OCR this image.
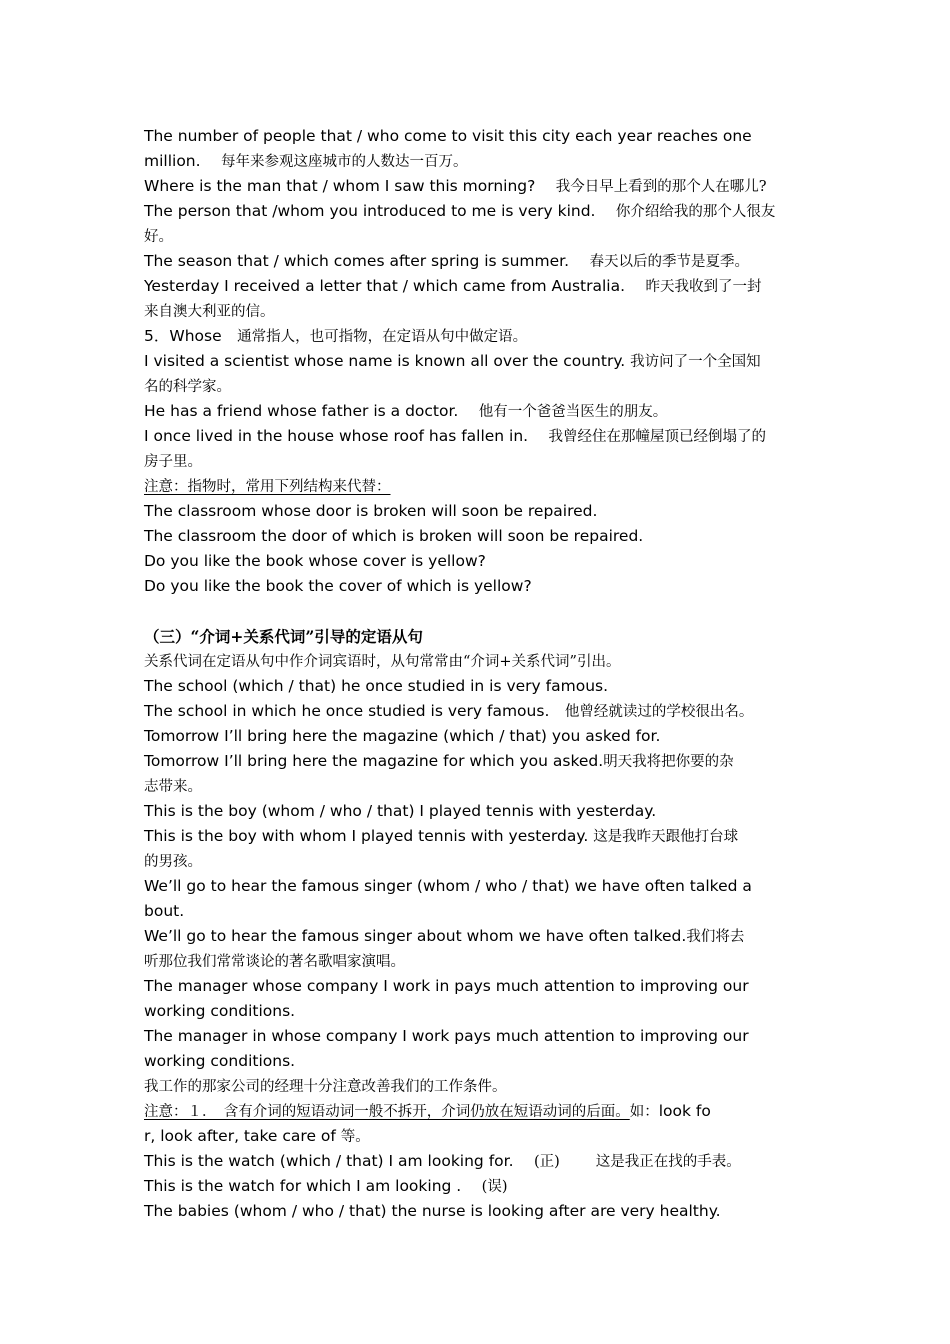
The number of people that / who come to visit this city each year reaches one
million.　 每年来参观这座城市的人数达一百万。
Where is the man that / whom I saw this morning?　 我今日早上看到的那个人在哪儿?
The person that /whom you introduced to me is very kind.　 你介绍给我的那个人很友
好。
The season that / which comes after spring is summer.　 春天以后的季节是夏季。
Yesterday I received a letter that / which came from Australia.　 昨天我收到了一封
来自澳大利亚的信。
5．Whose　 通常指人，也可指物，在定语从句中做定语。
I visited a scientist whose name is known all over the country. 我访问了一个全国知
名的科学家。
He has a friend whose father is a doctor.　 他有一个爸爸当医生的朋友。
I once lived in the house whose roof has fallen in.　 我曾经住在那幢屋顶已经倒塌了的
房子里。
注意：指物时，常用下列结构来代替：
The classroom whose door is broken will soon be repaired.
The classroom the door of which is broken will soon be repaired.
Do you like the book whose cover is yellow?
Do you like the book the cover of which is yellow?
（三）“介词+关系代词”引导的定语从句
关系代词在定语从句中作介词宾语时，从句常常由“介词+关系代词”引出。
The school (which / that) he once studied in is very famous.
The school in which he once studied is very famous.　 他曾经就读过的学校很出名。
Tomorrow I’ll bring here the magazine (which / that) you asked for.
Tomorrow I’ll bring here the magazine for which you asked.明天我将把你要的杂
志带来。
This is the boy (whom / who / that) I played tennis with yesterday.
This is the boy with whom I played tennis with yesterday. 这是我昨天跟他打台球
的男孩。
We’ll go to hear the famous singer (whom / who / that) we have often talked a
bout.
We’ll go to hear the famous singer about whom we have often talked.我们将去
听那位我们常常谈论的著名歌唱家演唱。
The manager whose company I work in pays much attention to improving our
working conditions.
The manager in whose company I work pays much attention to improving our
working conditions.
我工作的那家公司的经理十分注意改善我们的工作条件。
注意：１．　含有介词的短语动词一般不拆开，介词仍放在短语动词的后面。如：look fo
r, look after, take care of 等。
This is the watch (which / that) I am looking for.　 (正)　 　 这是我正在找的手表。
This is the watch for which I am looking .　 (误)
The babies (whom / who / that) the nurse is looking after are very healthy.
